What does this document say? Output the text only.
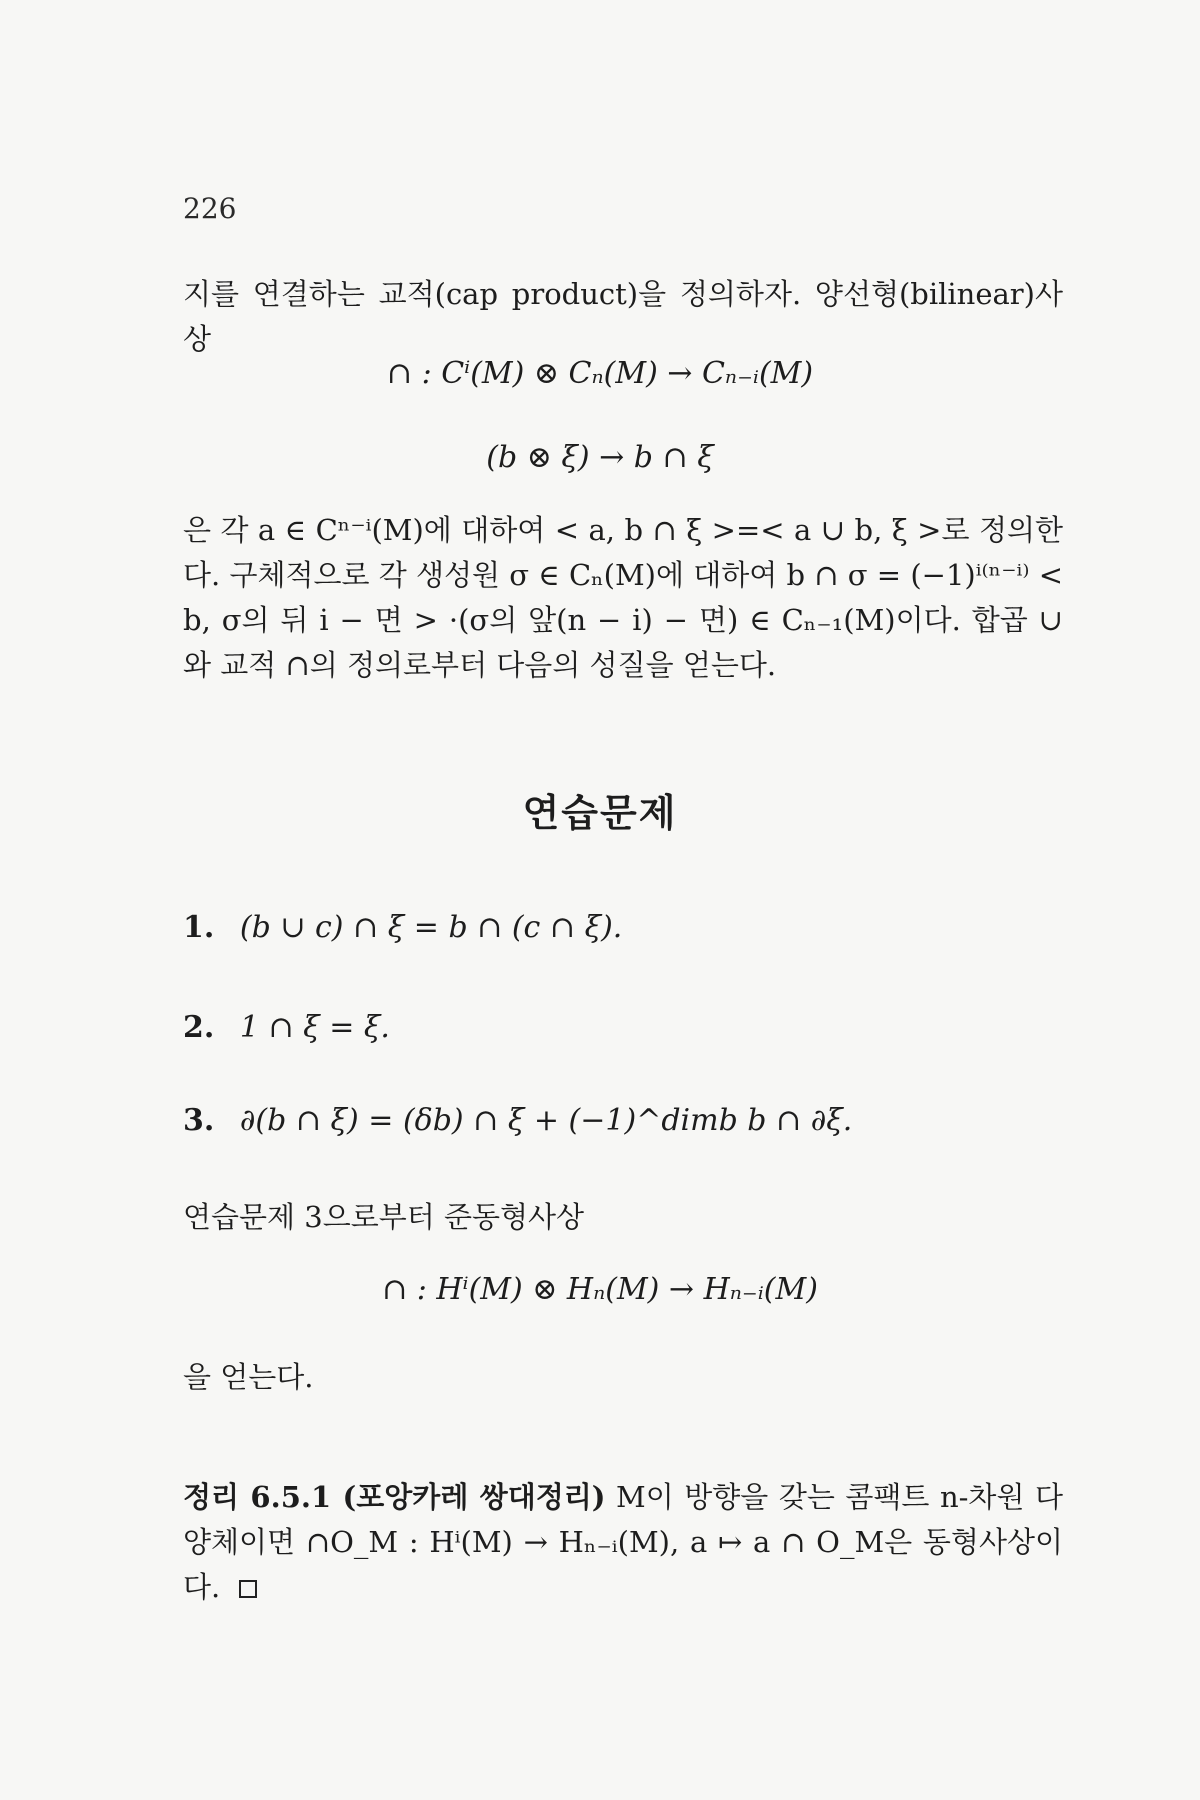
226

지를 연결하는 교적(cap product)을 정의하자. 양선형(bilinear)사상

∩ : Cⁱ(M) ⊗ Cₙ(M) → Cₙ₋ᵢ(M)
(b ⊗ ξ) → b ∩ ξ

은 각 a ∈ Cⁿ⁻ⁱ(M)에 대하여 < a, b ∩ ξ >=< a ∪ b, ξ >로 정의한다. 구체적으로 각 생성원 σ ∈ Cₙ(M)에 대하여 b ∩ σ = (−1)ⁱ⁽ⁿ⁻ⁱ⁾ < b, σ의 뒤 i − 면 > ·(σ의 앞(n − i) − 면) ∈ Cₙ₋₁(M)이다. 합곱 ∪와 교적 ∩의 정의로부터 다음의 성질을 얻는다.

연습문제
1. (b ∪ c) ∩ ξ = b ∩ (c ∩ ξ).
2. 1 ∩ ξ = ξ.
3. ∂(b ∩ ξ) = (δb) ∩ ξ + (−1)^dimb b ∩ ∂ξ.

연습문제 3으로부터 준동형사상

∩ : Hⁱ(M) ⊗ Hₙ(M) → Hₙ₋ᵢ(M)

을 얻는다.

정리 6.5.1 (포앙카레 쌍대정리) M이 방향을 갖는 콤팩트 n-차원 다양체이면 ∩O_M : Hⁱ(M) → Hₙ₋ᵢ(M), a ↦ a ∩ O_M은 동형사상이다.
